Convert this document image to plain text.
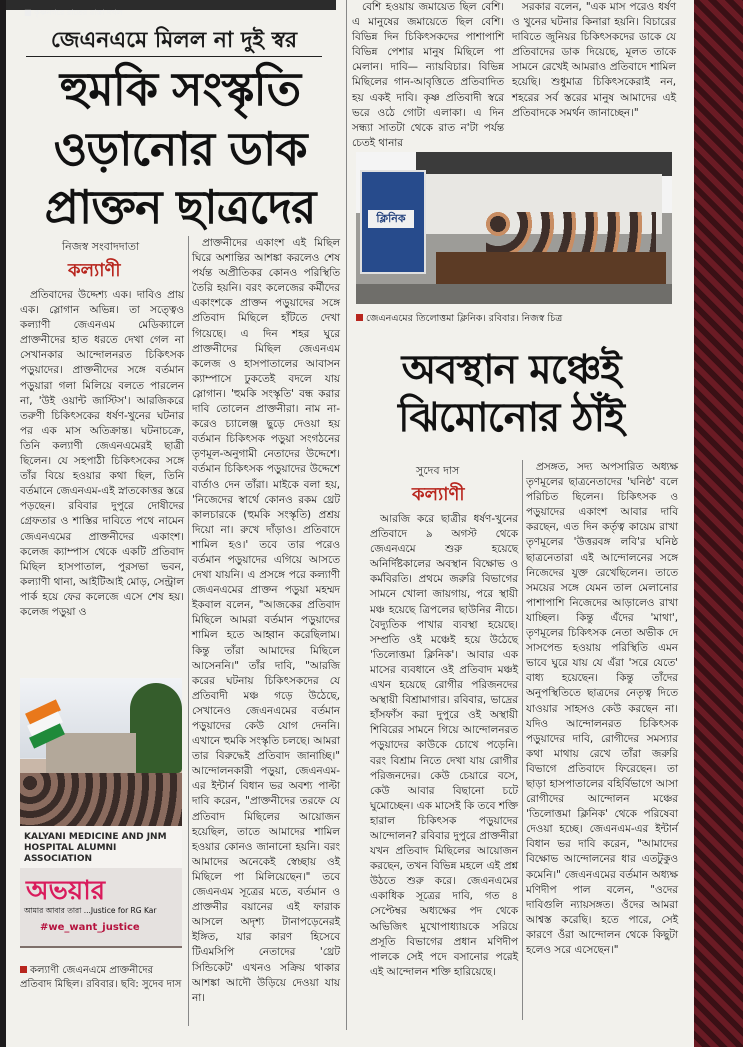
■ কৃষ্ণনগরে রাতের রাস্তা দখল
জেএনএমে মিলল না দুই স্বর
হুমকি সংস্কৃতি
ওড়ানোর ডাক
প্রাক্তন ছাত্রদের
নিজস্ব সংবাদদাতা
কল্যাণী

প্রতিবাদের উদ্দেশ্য এক। দাবিও প্রায় এক। স্লোগান অভিন্ন। তা সত্ত্বেও কল্যাণী জেএনএম মেডিক্যালে প্রাক্তনীদের হাত ধরতে দেখা গেল না সেখানকার আন্দোলনরত চিকিৎসক পড়ুয়াদের। প্রাক্তনীদের সঙ্গে বর্তমান পড়ুয়ারা গলা মিলিয়ে বলতে পারলেন না, 'উই ওয়ান্ট জাস্টিস'। আরজিকরে তরুণী চিকিৎসকের ধর্ষণ-খুনের ঘটনার পর এক মাস অতিক্রান্ত। ঘটনাচক্রে, তিনি কল্যাণী জেএনএমেরই ছাত্রী ছিলেন। যে সহপাঠী চিকিৎসকের সঙ্গে তাঁর বিয়ে হওয়ার কথা ছিল, তিনি বর্তমানে জেএনএম-এই স্নাতকোত্তর স্তরে পড়ছেন। রবিবার দুপুরে দোষীদের গ্রেফতার ও শাস্তির দাবিতে পথে নামেন জেএনএমের প্রাক্তনীদের একাংশ। কলেজ ক্যাম্পাস থেকে একটি প্রতিবাদ মিছিল হাসপাতাল, পুরসভা ভবন, কল্যাণী থানা, আইটিআই মোড়, সেন্ট্রাল পার্ক হয়ে ফের কলেজে এসে শেষ হয়। কলেজ পড়ুয়া ও

KALYANI MEDICINE AND JNM HOSPITAL ALUMNI ASSOCIATION
অভয়ার
আমার আবার তারা ...Justice for RG Kar
#we_want_justice
কল্যাণী জেএনএমে প্রাক্তনীদের প্রতিবাদ মিছিল। রবিবার। ছবি: সুদেব দাস

প্রাক্তনীদের একাংশ এই মিছিল ঘিরে অশান্তির আশঙ্কা করলেও শেষ পর্যন্ত অপ্রীতিকর কোনও পরিস্থিতি তৈরি হয়নি। বরং কলেজের কর্মীদের একাংশকে প্রাক্তন পড়ুয়াদের সঙ্গে প্রতিবাদ মিছিলে হাঁটতে দেখা গিয়েছে। এ দিন শহর ঘুরে প্রাক্তনীদের মিছিল জেএনএম কলেজ ও হাসপাতালের আবাসন ক্যাম্পাসে ঢুকতেই বদলে যায় স্লোগান। 'হুমকি সংস্কৃতি' বন্ধ করার দাবি তোলেন প্রাক্তনীরা। নাম না-করেও চ্যালেঞ্জ ছুড়ে দেওয়া হয় বর্তমান চিকিৎসক পড়ুয়া সংগঠনের তৃণমূল-অনুগামী নেতাদের উদ্দেশে। বর্তমান চিকিৎসক পড়ুয়াদের উদ্দেশে বার্তাও দেন তাঁরা। মাইকে বলা হয়, 'নিজেদের স্বার্থে কোনও রকম থ্রেট কালচারকে (হুমকি সংস্কৃতি) প্রশ্রয় দিয়ো না। রুখে দাঁড়াও। প্রতিবাদে শামিল হও।' তবে তার পরেও বর্তমান পড়ুয়াদের এগিয়ে আসতে দেখা যায়নি। এ প্রসঙ্গে পরে কল্যাণী জেএনএমের প্রাক্তন পড়ুয়া মহম্মদ ইকবাল বলেন, "আজকের প্রতিবাদ মিছিলে আমরা বর্তমান পড়ুয়াদের শামিল হতে আহ্বান করেছিলাম। কিন্তু তাঁরা আমাদের মিছিলে আসেননি।" তাঁর দাবি, "আরজি করের ঘটনায় চিকিৎসকদের যে প্রতিবাদী মঞ্চ গড়ে উঠেছে, সেখানেও জেএনএমের বর্তমান পড়ুয়াদের কেউ যোগ দেননি। এখানে হুমকি সংস্কৃতি চলছে। আমরা তার বিরুদ্ধেই প্রতিবাদ জানাচ্ছি।" আন্দোলনকারী পড়ুয়া, জেএনএম-এর ইন্টার্ন বিধান ভর অবশ্য পাল্টা দাবি করেন, "প্রাক্তনীদের তরফে যে প্রতিবাদ মিছিলের আয়োজন হয়েছিল, তাতে আমাদের শামিল হওয়ার কোনও জানানো হয়নি। বরং আমাদের অনেকেই স্বেচ্ছায় ওই মিছিলে পা মিলিয়েছেন।" তবে জেএনএম সূত্রের মতে, বর্তমান ও প্রাক্তনীর বয়ানের এই ফারাক আসলে অদৃশ্য টানাপড়েনেরই ইঙ্গিত, যার কারণ হিসেবে টিএমসিপি নেতাদের 'থ্রেট সিন্ডিকেট' এখনও সক্রিয় থাকার আশঙ্কা আদৌ উড়িয়ে দেওয়া যায় না।

বেশি হওয়ায় জমায়েত ছিল বেশি। এ মানুষের জমায়েতে ছিল বেশি। বিভিন্ন দিন চিকিৎসকদের পাশাপাশি বিভিন্ন পেশার মানুষ মিছিলে পা মেলান। দাবি— ন্যায়বিচার। বিভিন্ন মিছিলের গান-আবৃত্তিতে প্রতিবাদিত হয় একই দাবি। কৃষ্ণ প্রতিবাদী স্বরে ভরে ওঠে গোটা এলাকা। এ দিন সন্ধ্যা সাতটা থেকে রাত ন'টা পর্যন্ত চেতই থানার

সরকার বলেন, "এক মাস পরেও ধর্ষণ ও খুনের ঘটনার কিনারা হয়নি। বিচারের দাবিতে জুনিয়র চিকিৎসকদের ডাকে যে প্রতিবাদের ডাক দিয়েছে, মূলত তাকে সামনে রেখেই আমরাও প্রতিবাদে শামিল হয়েছি। শুধুমাত্র চিকিৎসকেরাই নন, শহরের সর্ব স্তরের মানুষ আমাদের এই প্রতিবাদকে সমর্থন জানাচ্ছেন।"

ক্লিনিক
জেএনএমের তিলোত্তমা ক্লিনিক। রবিবার। নিজস্ব চিত্র
অবস্থান মঞ্চেই
ঝিমোনোর ঠাঁই
সুদেব দাস
কল্যাণী

আরজি করে ছাত্রীর ধর্ষণ-খুনের প্রতিবাদে ৯ অগস্ট থেকে জেএনএমে শুরু হয়েছে অনির্দিষ্টকালের অবস্থান বিক্ষোভ ও কর্মবিরতি। প্রথমে জরুরি বিভাগের সামনে খোলা জায়গায়, পরে স্থায়ী মঞ্চ হয়েছে ত্রিপলের ছাউনির নীচে। বৈদ্যুতিক পাখার ব্যবস্থা হয়েছে। সম্প্রতি ওই মঞ্চেই হয়ে উঠেছে 'তিলোত্তমা ক্লিনিক'। আবার এক মাসের ব্যবধানে ওই প্রতিবাদ মঞ্চই এখন হয়েছে রোগীর পরিজনদের অস্থায়ী বিশ্রামাগার। রবিবার, ভাদ্রের হাঁসফাঁস করা দুপুরে ওই অস্থায়ী শিবিরের সামনে গিয়ে আন্দোলনরত পড়ুয়াদের কাউকে চোখে পড়েনি। বরং বিশ্রাম নিতে দেখা যায় রোগীর পরিজনদের। কেউ চেয়ারে বসে, কেউ আবার বিছানো চটে ঘুমোচ্ছেন। এক মাসেই কি তবে শক্তি হারাল চিকিৎসক পড়ুয়াদের আন্দোলন? রবিবার দুপুরে প্রাক্তনীরা যখন প্রতিবাদ মিছিলের আয়োজন করছেন, তখন বিভিন্ন মহলে এই প্রশ্ন উঠতে শুরু করে। জেএনএমের একাধিক সূত্রের দাবি, গত ৪ সেপ্টেম্বর অধ্যক্ষের পদ থেকে অভিজিৎ মুখোপাধ্যায়কে সরিয়ে প্রসূতি বিভাগের প্রধান মণিদীপ পালকে সেই পদে বসানোর পরেই এই আন্দোলন শক্তি হারিয়েছে।

প্রসঙ্গত, সদ্য অপসারিত অধ্যক্ষ তৃণমূলের ছাত্রনেতাদের 'ঘনিষ্ঠ' বলে পরিচিত ছিলেন। চিকিৎসক ও পড়ুয়াদের একাংশ আবার দাবি করছেন, এত দিন কর্তৃত্ব কায়েম রাখা তৃণমূলের 'উত্তরবঙ্গ লবি'র ঘনিষ্ঠ ছাত্রনেতারা এই আন্দোলনের সঙ্গে নিজেদের যুক্ত রেখেছিলেন। তাতে সময়ের সঙ্গে যেমন তাল মেলানোর পাশাপাশি নিজেদের আড়ালেও রাখা যাচ্ছিল। কিন্তু এঁদের 'মাথা', তৃণমূলের চিকিৎসক নেতা অভীক দে সাসপেন্ড হওয়ায় পরিস্থিতি এমন ভাবে ঘুরে যায় যে এঁরা 'সরে যেতে' বাধ্য হয়েছেন। কিন্তু তাঁদের অনুপস্থিতিতে ছাত্রদের নেতৃত্ব দিতে যাওয়ার সাহসও কেউ করছেন না। যদিও আন্দোলনরত চিকিৎসক পড়ুয়াদের দাবি, রোগীদের সমস্যার কথা মাথায় রেখে তাঁরা জরুরি বিভাগে প্রতিবাদে ফিরেছেন। তা ছাড়া হাসপাতালের বহির্বিভাগে আসা রোগীদের আন্দোলন মঞ্চের 'তিলোত্তমা ক্লিনিক' থেকে পরিষেবা দেওয়া হচ্ছে। জেএনএম-এর ইন্টার্ন বিধান ভর দাবি করেন, "আমাদের বিক্ষোভ আন্দোলনের ধার এতটুকুও কমেনি।" জেএনএমের বর্তমান অধ্যক্ষ মণিদীপ পাল বলেন, "ওদের দাবিগুলি ন্যায়সঙ্গত। ওঁদের আমরা আশ্বস্ত করেছি। হতে পারে, সেই কারণে ওঁরা আন্দোলন থেকে কিছুটা হলেও সরে এসেছেন।"
